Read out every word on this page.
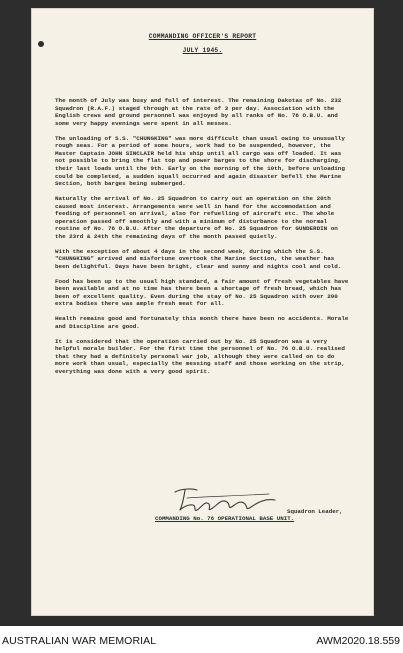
COMMANDING OFFICER'S REPORT
JULY 1945.

The month of July was busy and full of interest. The remaining Dakotas of No. 232 Squadron (R.A.F.) staged through at the rate of 3 per day. Association with the English crews and ground personnel was enjoyed by all ranks of No. 76 O.B.U. and some very happy evenings were spent in all messes.

The unloading of S.S. "CHUNGKING" was more difficult than usual owing to unusually rough seas. For a period of some hours, work had to be suspended, however, the Master Captain JOHN SINCLAIR held his ship until all cargo was off loaded. It was not possible to bring the flat top and power barges to the shore for discharging, their last loads until the 9th. Early on the morning of the 10th, before unloading could be completed, a sudden squall occurred and again disaster befell the Marine Section, both barges being submerged.

Naturally the arrival of No. 25 Squadron to carry out an operation on the 20th caused most interest. Arrangements were well in hand for the accommodation and feeding of personnel on arrival, also for refuelling of aircraft etc. The whole operation passed off smoothly and with a minimum of disturbance to the normal routine of No. 76 O.B.U. After the departure of No. 25 Squadron for GUNDERDIN on the 23rd & 24th the remaining days of the month passed quietly.

With the exception of about 4 days in the second week, during which the S.S. "CHUNGKING" arrived and misfortune overtook the Marine Section, the weather has been delightful. Days have been bright, clear and sunny and nights cool and cold.

Food has been up to the usual high standard, a fair amount of fresh vegetables have been available and at no time has there been a shortage of fresh bread, which has been of excellent quality. Even during the stay of No. 25 Squadron with over 200 extra bodies there was ample fresh meat for all.

Health remains good and fortunately this month there have been no accidents. Morale and Discipline are good.

It is considered that the operation carried out by No. 25 Squadron was a very helpful morale builder. For the first time the personnel of No. 76 O.B.U. realised that they had a definitely personal war job, although they were called on to do more work than usual, especially the messing staff and those working on the strip, everything was done with a very good spirit.

Squadron Leader,
COMMANDING No. 76 OPERATIONAL BASE UNIT.
AUSTRALIAN WAR MEMORIAL	AWM2020.18.559
